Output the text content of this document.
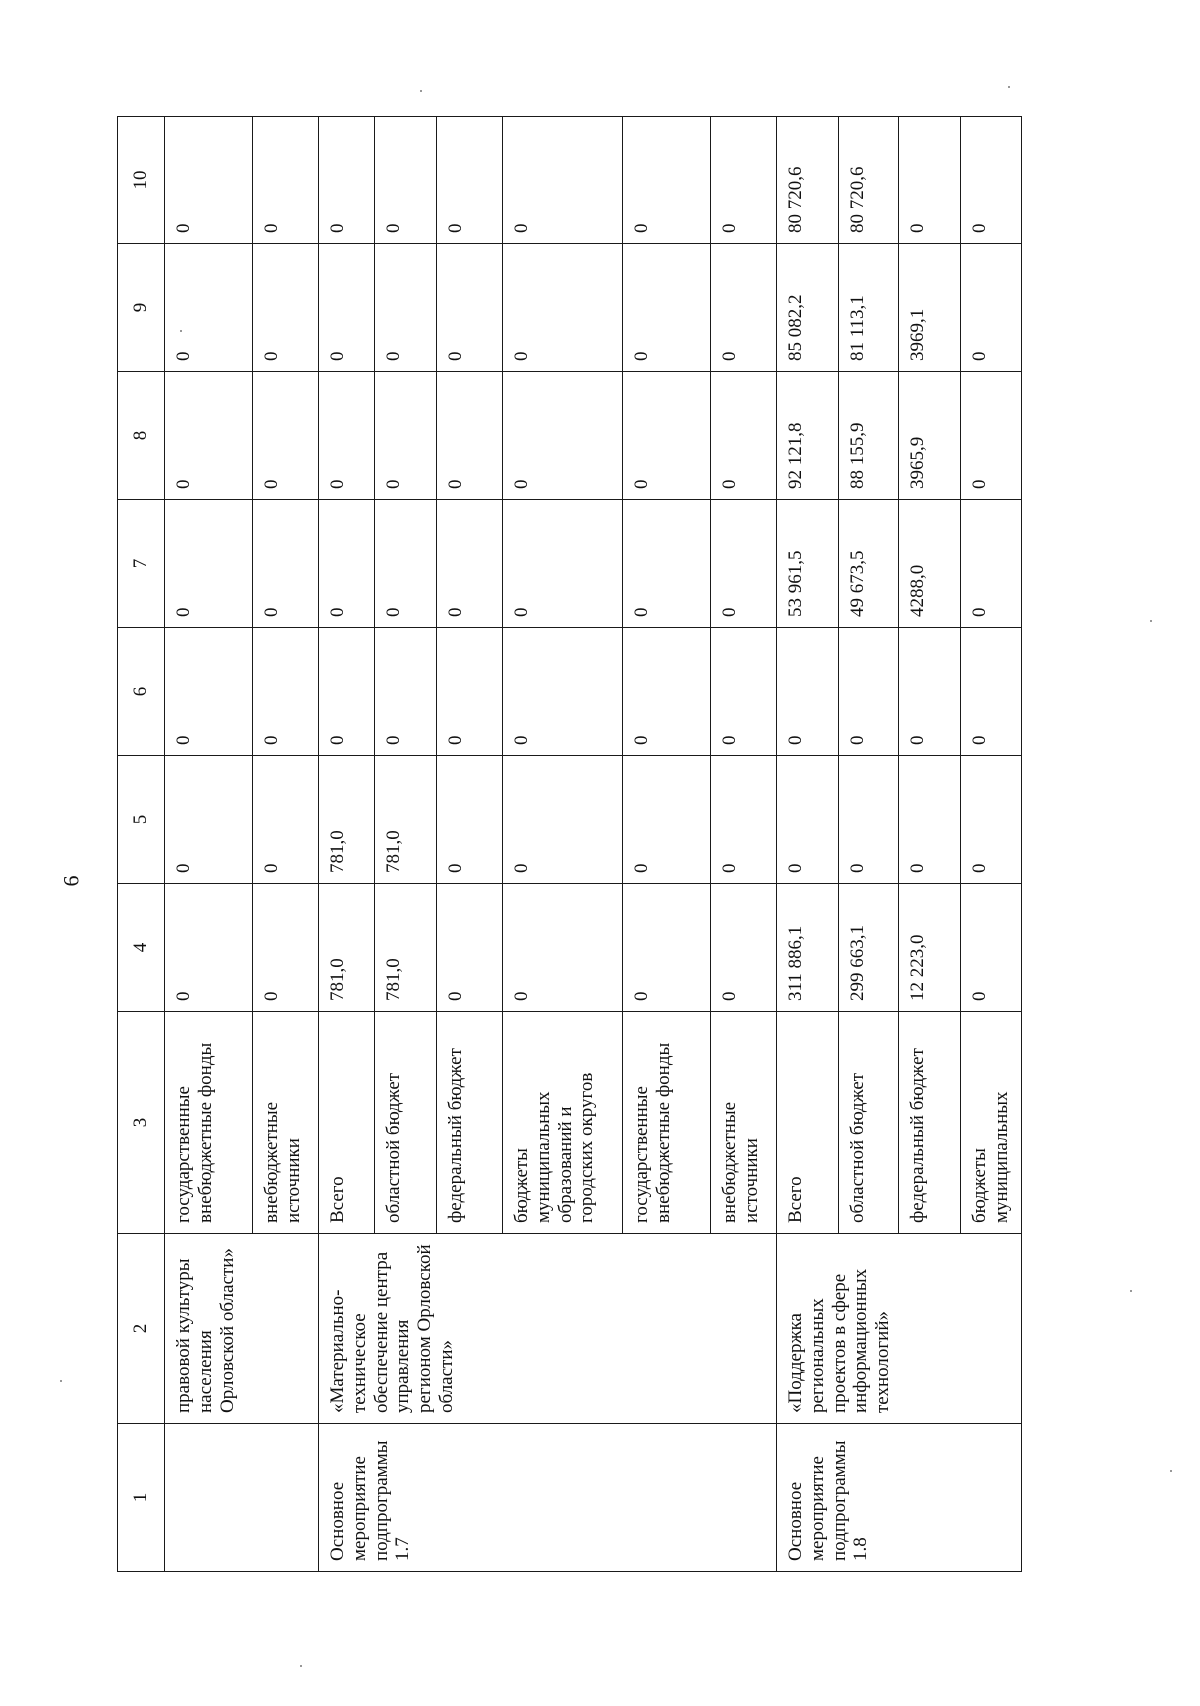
6
1	2	3	4	5	6	7	8	9	10
	правовой культуры населения Орловской области»	государственные внебюджетные фонды	0	0	0	0	0	0	0
		внебюджетные источники	0	0	0	0	0	0	0
Основное мероприятие подпрограммы 1.7	«Материально-техническое обеспечение центра управления регионом Орловской области»	Всего	781,0	781,0	0	0	0	0	0
		областной бюджет	781,0	781,0	0	0	0	0	0
		федеральный бюджет	0	0	0	0	0	0	0
		бюджеты муниципальных образований и городских округов	0	0	0	0	0	0	0
		государственные внебюджетные фонды	0	0	0	0	0	0	0
		внебюджетные источники	0	0	0	0	0	0	0
Основное мероприятие подпрограммы 1.8	«Поддержка региональных проектов в сфере информационных технологий»	Всего	311 886,1	0	0	53 961,5	92 121,8	85 082,2	80 720,6
		областной бюджет	299 663,1	0	0	49 673,5	88 155,9	81 113,1	80 720,6
		федеральный бюджет	12 223,0	0	0	4288,0	3965,9	3969,1	0
		бюджеты муниципальных	0	0	0	0	0	0	0
